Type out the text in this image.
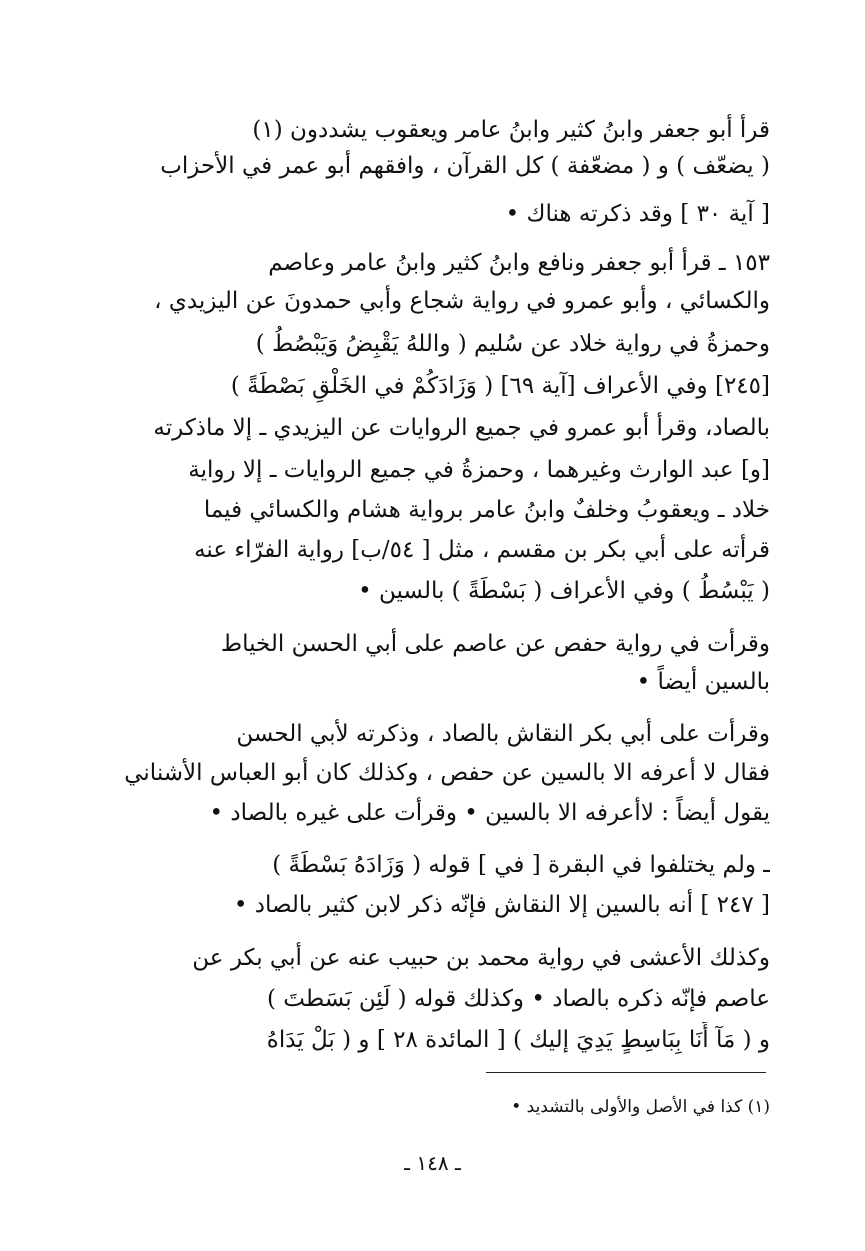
قرأ أبو جعفر وابنُ كثير وابنُ عامر ويعقوب يشددون (١)
( يضعّف ) و ( مضعّفة ) كل القرآن ، وافقهم أبو عمر في الأحزاب
[ آية ٣٠ ] وقد ذكرته هناك •
١٥٣ ـ قرأ أبو جعفر ونافع وابنُ كثير وابنُ عامر وعاصم
والكسائي ، وأبو عمرو في رواية شجاع وأبي حمدونَ عن اليزيدي ،
وحمزةُ في رواية خلاد عن سُليم ( واللهُ يَقْبِضُ وَيَبْصُطُ )
[٢٤٥] وفي الأعراف [آية ٦٩] ( وَزَادَكُمْ في الخَلْقِ بَصْطَةً )
بالصاد، وقرأ أبو عمرو في جميع الروايات عن اليزيدي ـ إلا ماذكرته
[و] عبد الوارث وغيرهما ، وحمزةُ في جميع الروايات ـ إلا رواية
خلاد ـ ويعقوبُ وخلفٌ وابنُ عامر برواية هشام والكسائي فيما
قرأته على أبي بكر بن مقسم ، مثل [ ٥٤/ب] رواية الفرّاء عنه
( يَبْسُطُ ) وفي الأعراف ( بَسْطَةً ) بالسين •
وقرأت في رواية حفص عن عاصم على أبي الحسن الخياط
بالسين أيضاً •
وقرأت على أبي بكر النقاش بالصاد ، وذكرته لأبي الحسن
فقال لا أعرفه الا بالسين عن حفص ، وكذلك كان أبو العباس الأشناني
يقول أيضاً : لاأعرفه الا بالسين • وقرأت على غيره بالصاد •
ـ ولم يختلفوا في البقرة [ في ] قوله ( وَزَادَهُ بَسْطَةً )
[ ٢٤٧ ] أنه بالسين إلا النقاش فإنّه ذكر لابن كثير بالصاد •
وكذلك الأعشى في رواية محمد بن حبيب عنه عن أبي بكر عن
عاصم فإنّه ذكره بالصاد • وكذلك قوله ( لَئِن بَسَطتَ )
و ( مَآ أَنَا بِبَاسِطٍ يَدِيَ إليك ) [ المائدة ٢٨ ] و ( بَلْ يَدَاهُ
(١) كذا في الأصل والأولى بالتشديد •
ـ ١٤٨ ـ
